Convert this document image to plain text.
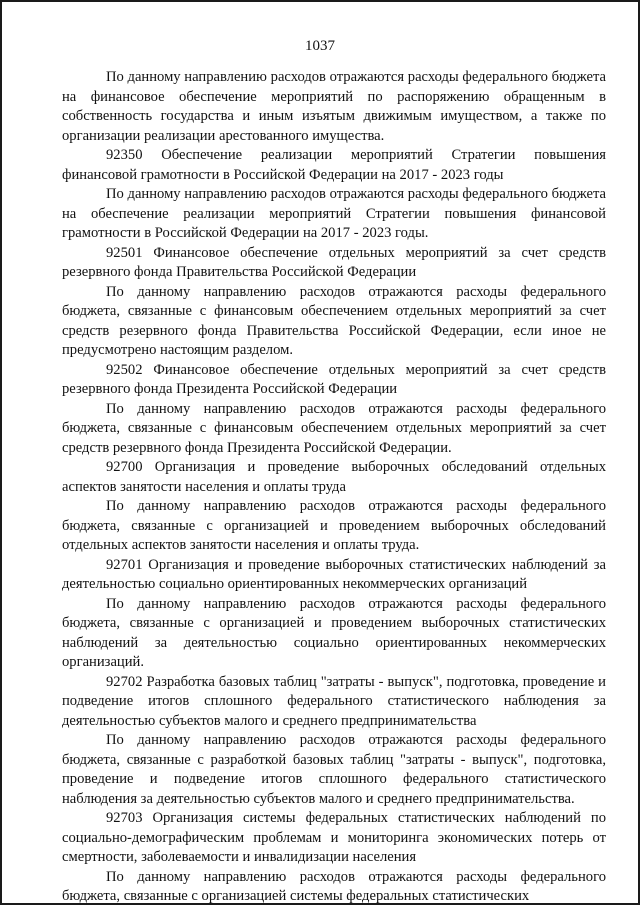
1037

По данному направлению расходов отражаются расходы федерального бюджета на финансовое обеспечение мероприятий по распоряжению обращенным в собственность государства и иным изъятым движимым имуществом, а также по организации реализации арестованного имущества.

92350 Обеспечение реализации мероприятий Стратегии повышения финансовой грамотности в Российской Федерации на 2017 - 2023 годы

По данному направлению расходов отражаются расходы федерального бюджета на обеспечение реализации мероприятий Стратегии повышения финансовой грамотности в Российской Федерации на 2017 - 2023 годы.

92501 Финансовое обеспечение отдельных мероприятий за счет средств резервного фонда Правительства Российской Федерации

По данному направлению расходов отражаются расходы федерального бюджета, связанные с финансовым обеспечением отдельных мероприятий за счет средств резервного фонда Правительства Российской Федерации, если иное не предусмотрено настоящим разделом.

92502 Финансовое обеспечение отдельных мероприятий за счет средств резервного фонда Президента Российской Федерации

По данному направлению расходов отражаются расходы федерального бюджета, связанные с финансовым обеспечением отдельных мероприятий за счет средств резервного фонда Президента Российской Федерации.

92700 Организация и проведение выборочных обследований отдельных аспектов занятости населения и оплаты труда

По данному направлению расходов отражаются расходы федерального бюджета, связанные с организацией и проведением выборочных обследований отдельных аспектов занятости населения и оплаты труда.

92701 Организация и проведение выборочных статистических наблюдений за деятельностью социально ориентированных некоммерческих организаций

По данному направлению расходов отражаются расходы федерального бюджета, связанные с организацией и проведением выборочных статистических наблюдений за деятельностью социально ориентированных некоммерческих организаций.

92702 Разработка базовых таблиц "затраты - выпуск", подготовка, проведение и подведение итогов сплошного федерального статистического наблюдения за деятельностью субъектов малого и среднего предпринимательства

По данному направлению расходов отражаются расходы федерального бюджета, связанные с разработкой базовых таблиц "затраты - выпуск", подготовка, проведение и подведение итогов сплошного федерального статистического наблюдения за деятельностью субъектов малого и среднего предпринимательства.

92703 Организация системы федеральных статистических наблюдений по социально-демографическим проблемам и мониторинга экономических потерь от смертности, заболеваемости и инвалидизации населения

По данному направлению расходов отражаются расходы федерального бюджета, связанные с организацией системы федеральных статистических
